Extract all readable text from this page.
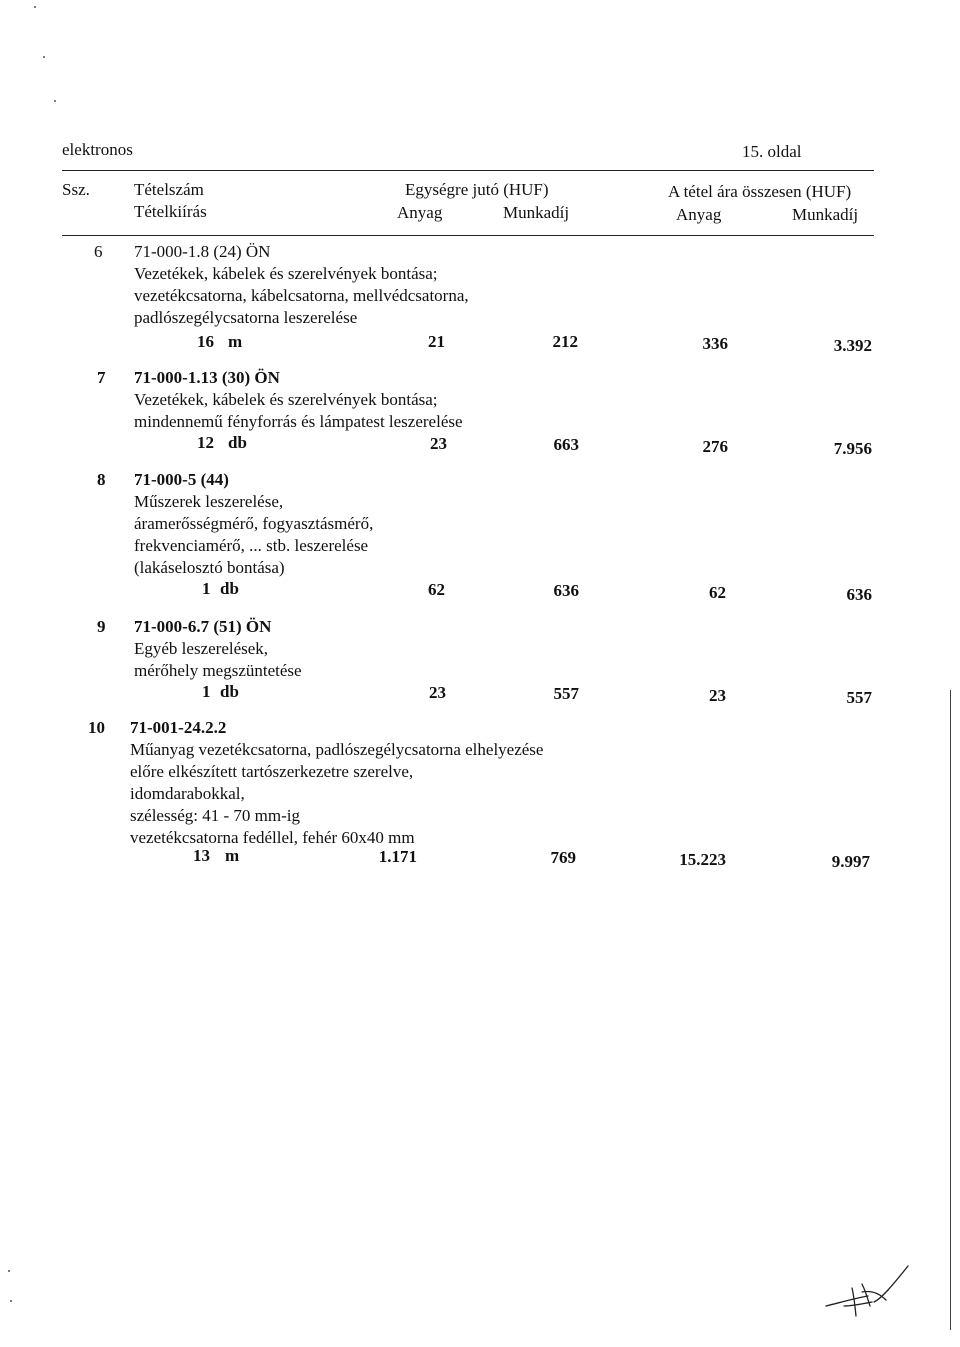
elektronos	15. oldal
Ssz.	Tételszám
Tételkiírás
Egységre jutó (HUF)
Anyag	Munkadíj
A tétel ára összesen (HUF)
Anyag	Munkadíj
6 71-000-1.8 (24) ÖN
Vezetékek, kábelek és szerelvények bontása;
vezetékcsatorna, kábelcsatorna, mellvédcsatorna,
padlószegélycsatorna leszerelése
16 m	21	212	336	3.392
7 71-000-1.13 (30) ÖN
Vezetékek, kábelek és szerelvények bontása;
mindennemű fényforrás és lámpatest leszerelése
12 db	23	663	276	7.956
8 71-000-5 (44)
Műszerek leszerelése,
áramerősségmérő, fogyasztásmérő,
frekvenciamérő, ... stb. leszerelése
(lakáselosztó bontása)
1 db	62	636	62	636
9 71-000-6.7 (51) ÖN
Egyéb leszerelések,
mérőhely megszüntetése
1 db	23	557	23	557
10 71-001-24.2.2
Műanyag vezetékcsatorna, padlószegélycsatorna elhelyezése
előre elkészített tartószerkezetre szerelve,
idomdarabokkal,
szélesség: 41 - 70 mm-ig
vezetékcsatorna fedéllel, fehér 60x40 mm
13 m	1.171	769	15.223	9.997
